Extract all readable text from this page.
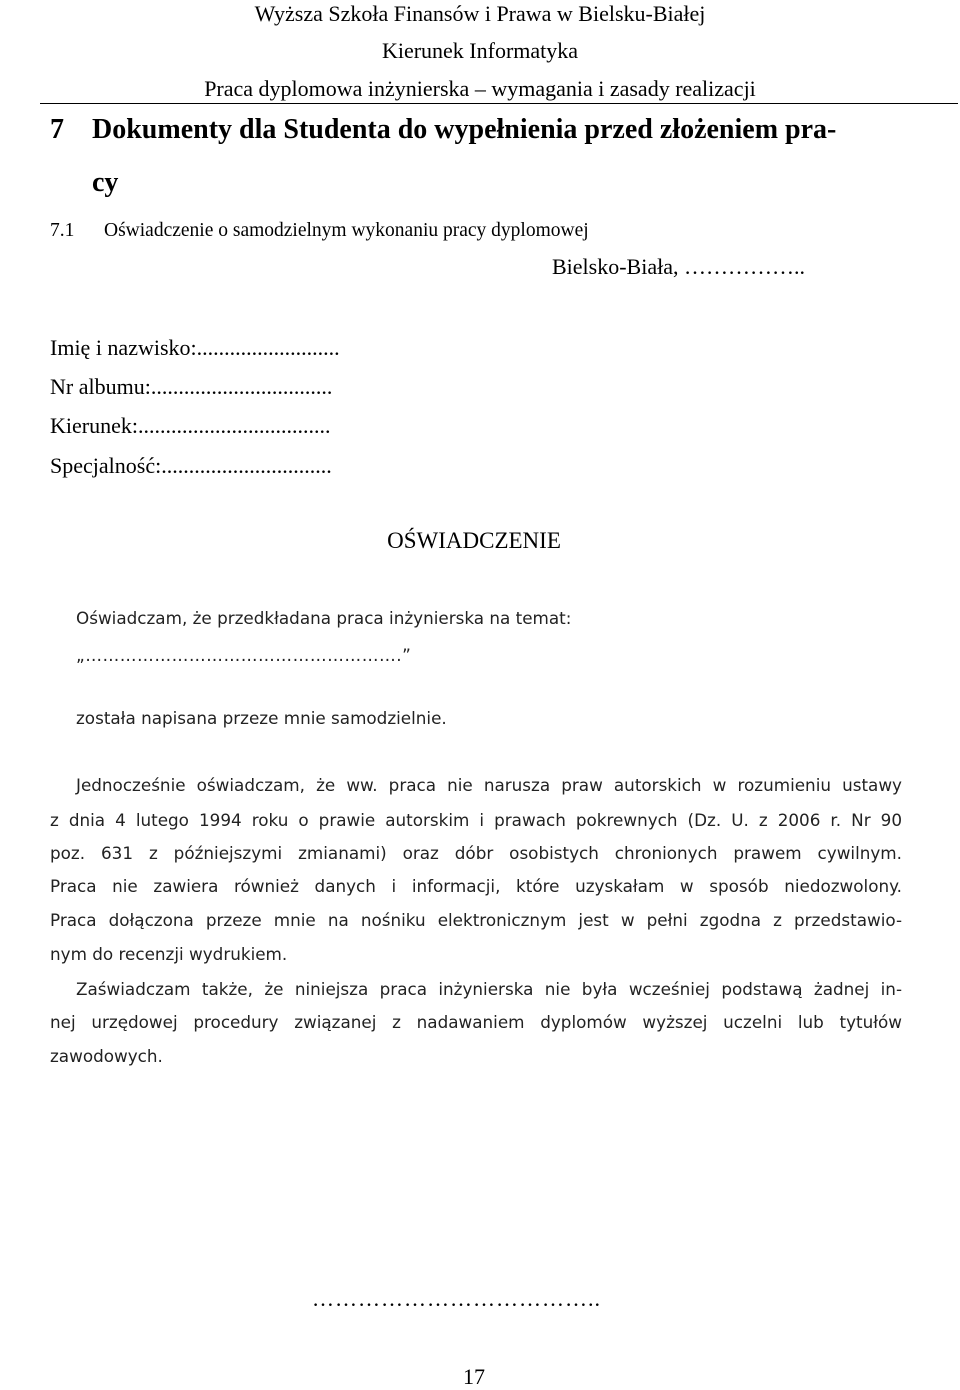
Wyższa Szkoła Finansów i Prawa w Bielsku-Białej
Kierunek Informatyka
Praca dyplomowa inżynierska – wymagania i zasady realizacji
7 Dokumenty dla Studenta do wypełnienia przed złożeniem pra-
cy
7.1 Oświadczenie o samodzielnym wykonaniu pracy dyplomowej
Bielsko-Biała, ……………..
Imię i nazwisko:..........................
Nr albumu:.................................
Kierunek:...................................
Specjalność:...............................
OŚWIADCZENIE
Oświadczam, że przedkładana praca inżynierska na temat:
„……………………………………………….”
została napisana przeze mnie samodzielnie.
Jednocześnie oświadczam, że ww. praca nie narusza praw autorskich w rozumieniu ustawy
z dnia 4 lutego 1994 roku o prawie autorskim i prawach pokrewnych (Dz. U. z 2006 r. Nr 90
poz. 631 z późniejszymi zmianami) oraz dóbr osobistych chronionych prawem cywilnym.
Praca nie zawiera również danych i informacji, które uzyskałam w sposób niedozwolony.
Praca dołączona przeze mnie na nośniku elektronicznym jest w pełni zgodna z przedstawio-
nym do recenzji wydrukiem.
Zaświadczam także, że niniejsza praca inżynierska nie była wcześniej podstawą żadnej in-
nej urzędowej procedury związanej z nadawaniem dyplomów wyższej uczelni lub tytułów
zawodowych.
………………………………..
17
